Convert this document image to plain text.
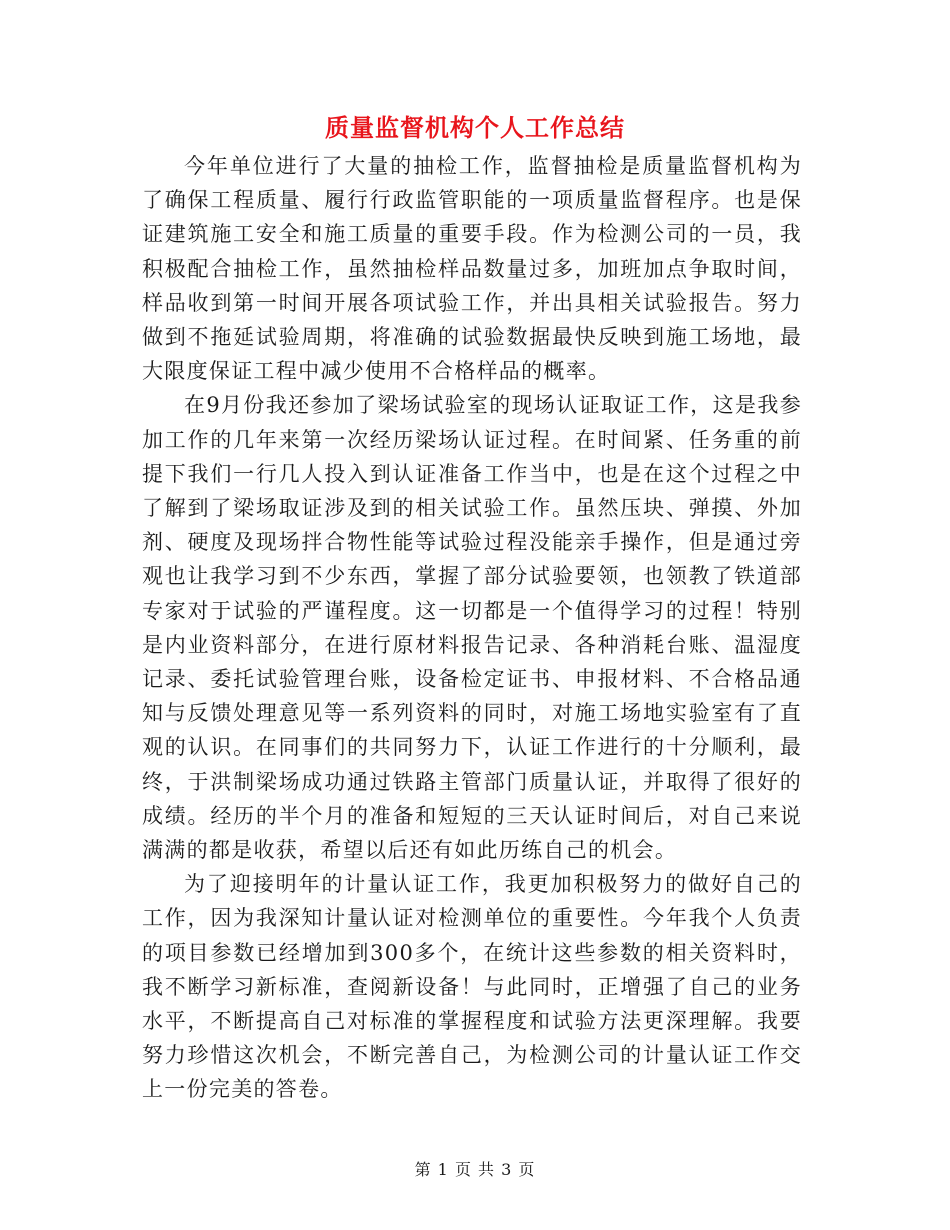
质量监督机构个人工作总结

今年单位进行了大量的抽检工作，监督抽检是质量监督机构为了确保工程质量、履行行政监管职能的一项质量监督程序。也是保证建筑施工安全和施工质量的重要手段。作为检测公司的一员，我积极配合抽检工作，虽然抽检样品数量过多，加班加点争取时间，样品收到第一时间开展各项试验工作，并出具相关试验报告。努力做到不拖延试验周期，将准确的试验数据最快反映到施工场地，最大限度保证工程中减少使用不合格样品的概率。

在9月份我还参加了梁场试验室的现场认证取证工作，这是我参加工作的几年来第一次经历梁场认证过程。在时间紧、任务重的前提下我们一行几人投入到认证准备工作当中，也是在这个过程之中了解到了梁场取证涉及到的相关试验工作。虽然压块、弹摸、外加剂、硬度及现场拌合物性能等试验过程没能亲手操作，但是通过旁观也让我学习到不少东西，掌握了部分试验要领，也领教了铁道部专家对于试验的严谨程度。这一切都是一个值得学习的过程！特别是内业资料部分，在进行原材料报告记录、各种消耗台账、温湿度记录、委托试验管理台账，设备检定证书、申报材料、不合格品通知与反馈处理意见等一系列资料的同时，对施工场地实验室有了直观的认识。在同事们的共同努力下，认证工作进行的十分顺利，最终，于洪制梁场成功通过铁路主管部门质量认证，并取得了很好的成绩。经历的半个月的准备和短短的三天认证时间后，对自己来说满满的都是收获，希望以后还有如此历练自己的机会。

为了迎接明年的计量认证工作，我更加积极努力的做好自己的工作，因为我深知计量认证对检测单位的重要性。今年我个人负责的项目参数已经增加到300多个，在统计这些参数的相关资料时，我不断学习新标准，查阅新设备！与此同时，正增强了自己的业务水平，不断提高自己对标准的掌握程度和试验方法更深理解。我要努力珍惜这次机会，不断完善自己，为检测公司的计量认证工作交上一份完美的答卷。

第 1 页 共 3 页
